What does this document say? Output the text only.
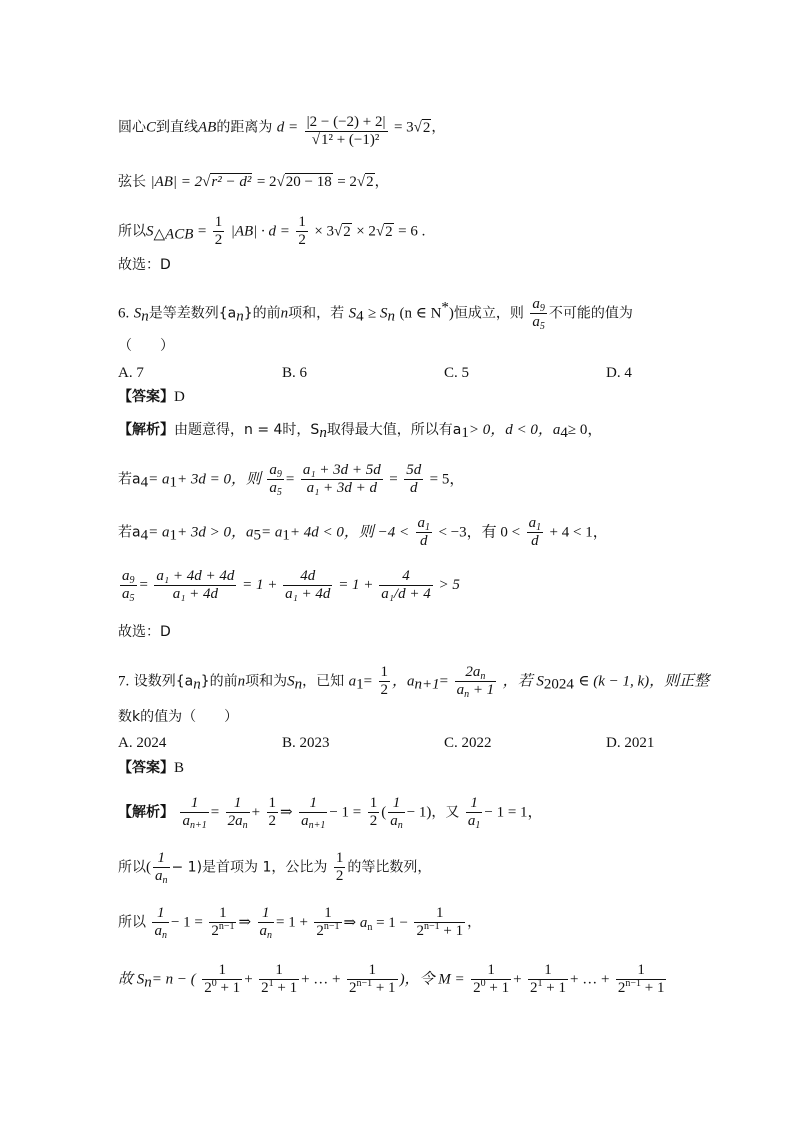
圆心C到直线AB的距离为 $d = \frac{|2 - (-2) + 2|}{\text{√1² + (−1)²}} = 3√2$，
弦长 |AB| = 2√r² − d² = 2√20 − 18 = 2√2，
所以$S_{\triangle ACB} = \frac{1}{2} |AB| \cdot d = \frac{1}{2} \times 3√2 \times 2√2 = 6$ .
故选：D
6. $S_n$是等差数列$\{a_n\}$的前n项和，若 $S_4 \ge S_n$ (n ∈ N*)恒成立，则 $\frac{a_9}{a_5}$ 不可能的值为
（　　）
A. 7	B. 6	C. 5	D. 4
【答案】D
【解析】由题意得，n = 4时，$S_n$取得最大值，所以有$a_1> 0$，d < 0，$a_4\ge 0$，
若$a_4= a_1+ 3d = 0$，则 $\frac{a_9}{a_5} = \frac{\text{a₁ + 3d + 5d}}{\text{a₁ + 3d + d}} = \frac{5d}{d} = 5$，
若$a_4= a_1+ 3d > 0$，$a_5= a_1+ 4d < 0$，则 $-4 < \frac{a_1}{d} < -3$，有 $0 < \frac{a_1}{d} + 4 < 1$，
$\frac{a_9}{a_5} = \frac{\text{a₁ + 4d + 4d}}{\text{a₁ + 4d}} = 1 + \frac{4d}{\text{a₁ + 4d}} = 1 + \frac{4}{\text{a₁/d + 4}} > 5$
故选：D
7. 设数列$\{a_n\}$的前n项和为$S_n$，已知 $a_1= \frac{1}{2}$ ，$a_{n+1}= \frac{2a_n}{a_n + 1}$ ，若 $S_{2024}$ ∈ (k − 1, k)，则正整
数k的值为（　　）
A. 2024	B. 2023	C. 2022	D. 2021
【答案】B
【解析】 $\frac{1}{a_{n+1}} = \frac{1}{2a_n} + \frac{1}{2}$ ⇒ $\frac{1}{a_{n+1}} - 1 = \frac{1}{2}$ ( $\frac{1}{a_n} - 1$)，又 $\frac{1}{a_1} - 1 = 1$，
所以( $\frac{1}{a_n} - 1$)是首项为 1，公比为 $\frac{1}{2}$ 的等比数列，
所以 $\frac{1}{a_n} - 1 = \frac{1}{2^{n-1}}$ ⇒ $\frac{1}{a_n} = 1 + \frac{1}{2^{n-1}}$ ⇒ $a_n = 1 - \frac{1}{2^{n-1} + 1}$ ，
故 $S_n= n$ − ( $\frac{1}{2^0 + 1} + \frac{1}{2^1 + 1}$ + … + $\frac{1}{2^{n-1} + 1}$ )，令 $M = \frac{1}{2^0 + 1} + \frac{1}{2^1 + 1}$ + … + $\frac{1}{2^{n-1} + 1}$
